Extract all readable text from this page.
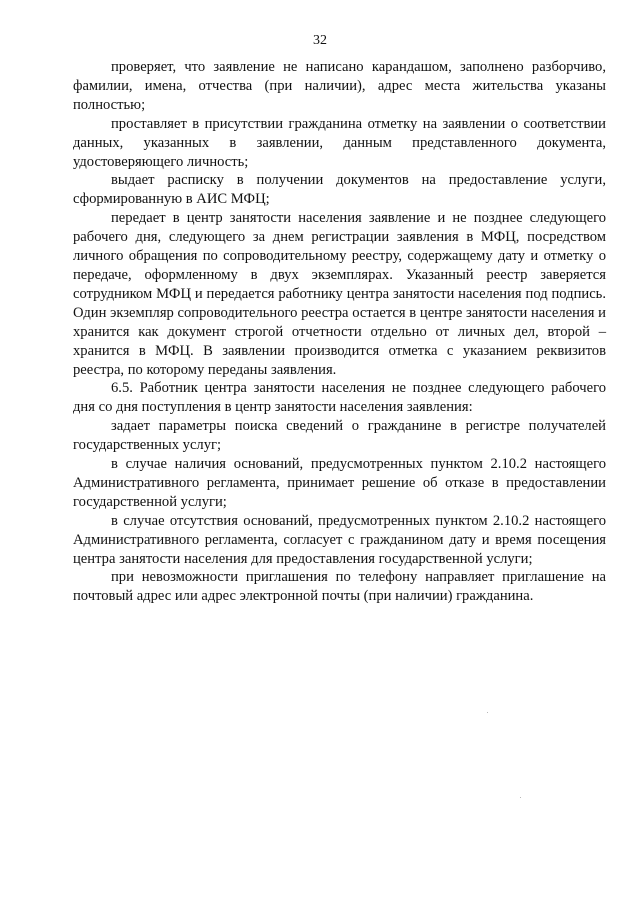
32

проверяет, что заявление не написано карандашом, заполнено разборчиво, фамилии, имена, отчества (при наличии), адрес места жительства указаны полностью;

проставляет в присутствии гражданина отметку на заявлении о соответствии данных, указанных в заявлении, данным представленного документа, удостоверяющего личность;

выдает расписку в получении документов на предоставление услуги, сформированную в АИС МФЦ;

передает в центр занятости населения заявление и не позднее следующего рабочего дня, следующего за днем регистрации заявления в МФЦ, посредством личного обращения по сопроводительному реестру, содержащему дату и отметку о передаче, оформленному в двух экземплярах. Указанный реестр заверяется сотрудником МФЦ и передается работнику центра занятости населения под подпись. Один экземпляр сопроводительного реестра остается в центре занятости населения и хранится как документ строгой отчетности отдельно от личных дел, второй – хранится в МФЦ. В заявлении производится отметка с указанием реквизитов реестра, по которому переданы заявления.

6.5. Работник центра занятости населения не позднее следующего рабочего дня со дня поступления в центр занятости населения заявления:

задает параметры поиска сведений о гражданине в регистре получателей государственных услуг;

в случае наличия оснований, предусмотренных пунктом 2.10.2 настоящего Административного регламента, принимает решение об отказе в предоставлении государственной услуги;

в случае отсутствия оснований, предусмотренных пунктом 2.10.2 настоящего Административного регламента, согласует с гражданином дату и время посещения центра занятости населения для предоставления государственной услуги;

при невозможности приглашения по телефону направляет приглашение на почтовый адрес или адрес электронной почты (при наличии) гражданина.
